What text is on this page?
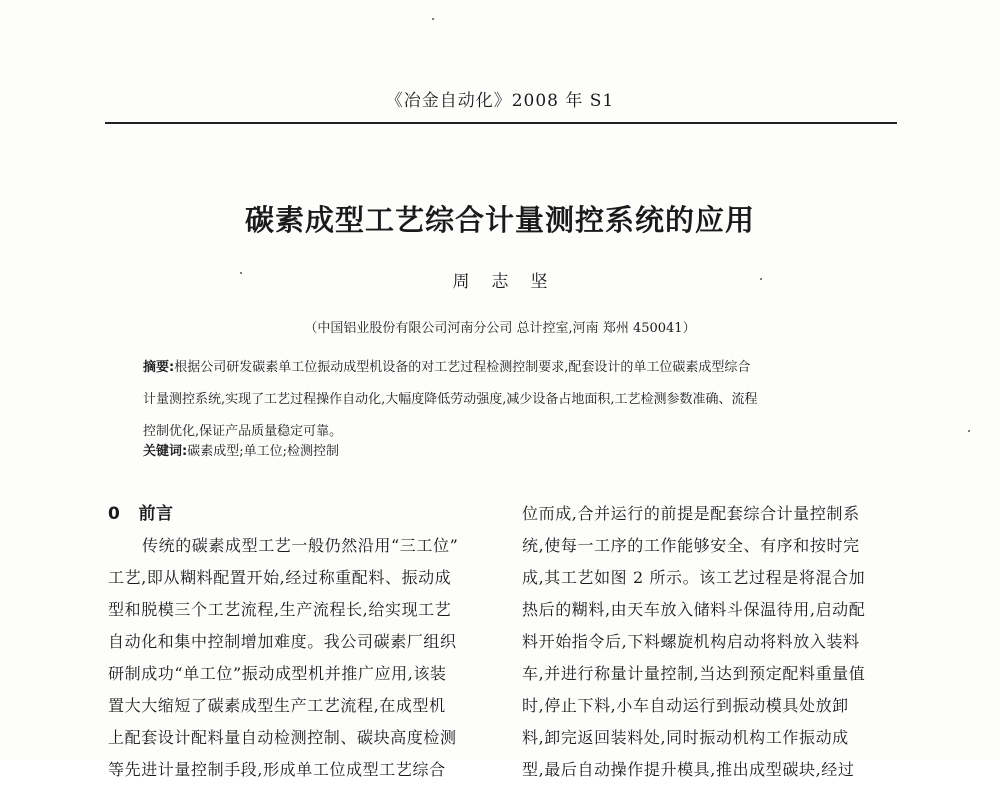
《冶金自动化》2008 年 S1
碳素成型工艺综合计量测控系统的应用
周志坚
（中国铝业股份有限公司河南分公司 总计控室,河南 郑州 450041）
摘要:根据公司研发碳素单工位振动成型机设备的对工艺过程检测控制要求,配套设计的单工位碳素成型综合
计量测控系统,实现了工艺过程操作自动化,大幅度降低劳动强度,减少设备占地面积,工艺检测参数准确、流程
控制优化,保证产品质量稳定可靠。
关键词:碳素成型;单工位;检测控制
0 前言
传统的碳素成型工艺一般仍然沿用“三工位”
工艺,即从糊料配置开始,经过称重配料、振动成
型和脱模三个工艺流程,生产流程长,给实现工艺
自动化和集中控制增加难度。我公司碳素厂组织
研制成功“单工位”振动成型机并推广应用,该装
置大大缩短了碳素成型生产工艺流程,在成型机
上配套设计配料量自动检测控制、碳块高度检测
等先进计量控制手段,形成单工位成型工艺综合
位而成,合并运行的前提是配套综合计量控制系
统,使每一工序的工作能够安全、有序和按时完
成,其工艺如图 2 所示。该工艺过程是将混合加
热后的糊料,由天车放入储料斗保温待用,启动配
料开始指令后,下料螺旋机构启动将料放入装料
车,并进行称量计量控制,当达到预定配料重量值
时,停止下料,小车自动运行到振动模具处放卸
料,卸完返回装料处,同时振动机构工作振动成
型,最后自动操作提升模具,推出成型碳块,经过
